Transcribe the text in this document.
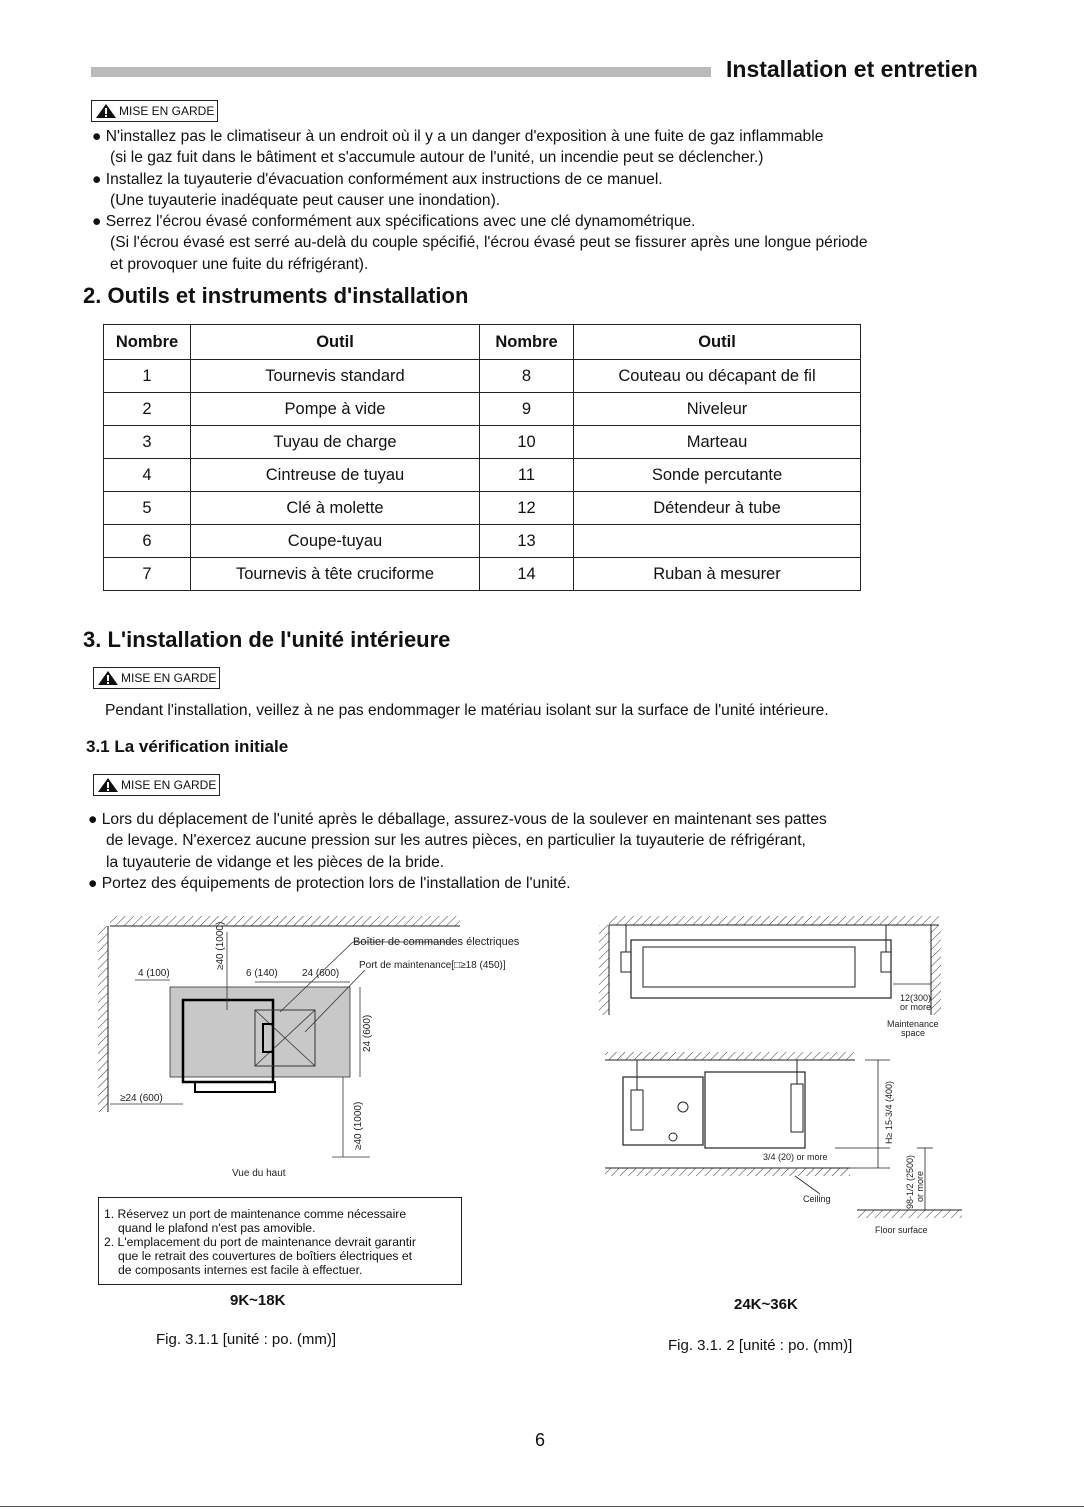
Installation et entretien
MISE EN GARDE
● N'installez pas le climatiseur à un endroit où il y a un danger d'exposition à une fuite de gaz inflammable
(si le gaz fuit dans le bâtiment et s'accumule autour de l'unité, un incendie peut se déclencher.)
● Installez la tuyauterie d'évacuation conformément aux instructions de ce manuel.
(Une tuyauterie inadéquate peut causer une inondation).
● Serrez l'écrou évasé conformément aux spécifications avec une clé dynamométrique.
(Si l'écrou évasé est serré au-delà du couple spécifié, l'écrou évasé peut se fissurer après une longue période
et provoquer une fuite du réfrigérant).
2. Outils et instruments d'installation
Nombre	Outil	Nombre	Outil
1	Tournevis standard	8	Couteau ou décapant de fil
2	Pompe à vide	9	Niveleur
3	Tuyau de charge	10	Marteau
4	Cintreuse de tuyau	11	Sonde percutante
5	Clé à molette	12	Détendeur à tube
6	Coupe-tuyau	13	
7	Tournevis à tête cruciforme	14	Ruban à mesurer
3. L'installation de l'unité intérieure
MISE EN GARDE
Pendant l'installation, veillez à ne pas endommager le matériau isolant sur la surface de l'unité intérieure.
3.1 La vérification initiale
MISE EN GARDE
● Lors du déplacement de l'unité après le déballage, assurez-vous de la soulever en maintenant ses pattes
de levage. N'exercez aucune pression sur les autres pièces, en particulier la tuyauterie de réfrigérant,
la tuyauterie de vidange et les pièces de la bride.
● Portez des équipements de protection lors de l'installation de l'unité.
Boîtier de commandes électriques
Port de maintenance[□≥18 (450)]
4 (100)
≥40 (1000)
6 (140) 24 (600)
24 (600)
≥24 (600)
≥40 (1000)
Vue du haut
1. Réservez un port de maintenance comme nécessaire
quand le plafond n'est pas amovible.
2. L'emplacement du port de maintenance devrait garantir
que le retrait des couvertures de boîtiers électriques et
de composants internes est facile à effectuer.
9K~18K
Fig. 3.1.1 [unité : po. (mm)]
12(300)
or more
Maintenance
space
H≥ 15-3/4 (400)
3/4 (20) or more	98-1/2 (2500) or more
Ceiling
Floor surface
24K~36K
Fig. 3.1. 2 [unité : po. (mm)]
6
